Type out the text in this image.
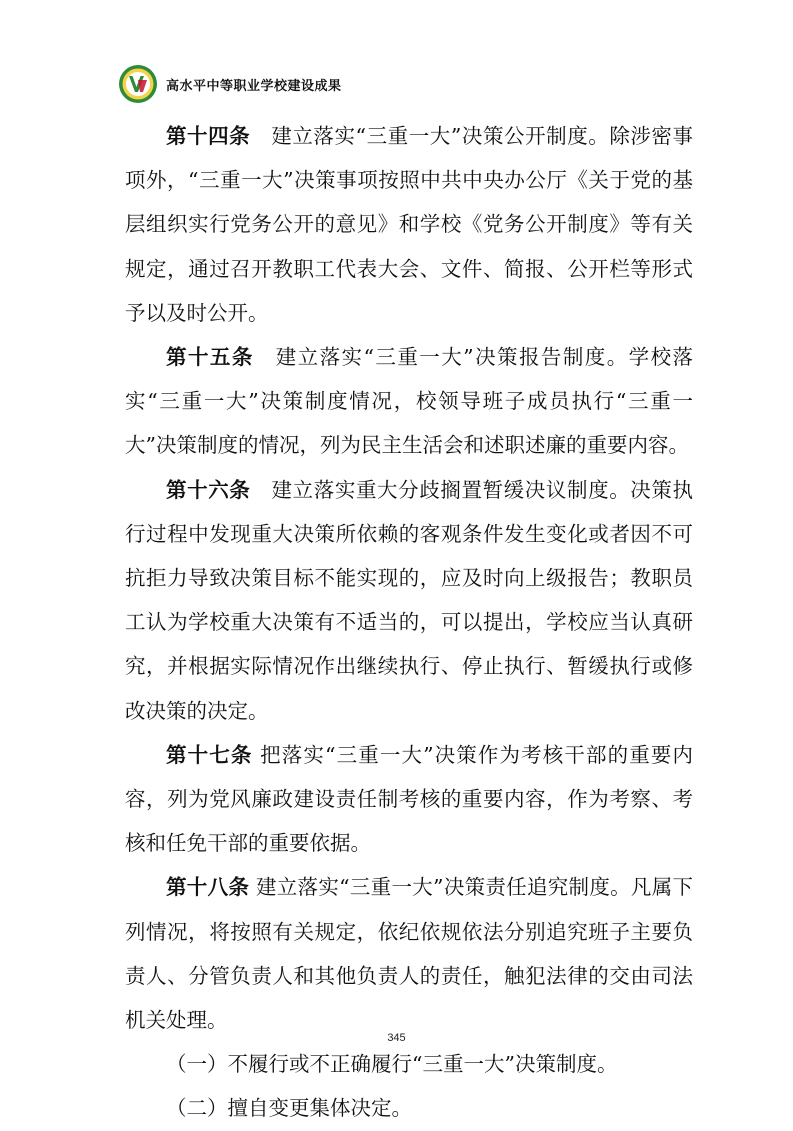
高水平中等职业学校建设成果

第十四条　 建立落实“三重一大”决策公开制度。除涉密事项外，“三重一大”决策事项按照中共中央办公厅《关于党的基层组织实行党务公开的意见》和学校《党务公开制度》等有关规定，通过召开教职工代表大会、文件、简报、公开栏等形式予以及时公开。

第十五条　 建立落实“三重一大”决策报告制度。学校落实“三重一大”决策制度情况，校领导班子成员执行“三重一大”决策制度的情况，列为民主生活会和述职述廉的重要内容。

第十六条　 建立落实重大分歧搁置暂缓决议制度。决策执行过程中发现重大决策所依赖的客观条件发生变化或者因不可抗拒力导致决策目标不能实现的，应及时向上级报告；教职员工认为学校重大决策有不适当的，可以提出，学校应当认真研究，并根据实际情况作出继续执行、停止执行、暂缓执行或修改决策的决定。

第十七条 把落实“三重一大”决策作为考核干部的重要内容，列为党风廉政建设责任制考核的重要内容，作为考察、考核和任免干部的重要依据。

第十八条 建立落实“三重一大”决策责任追究制度。凡属下列情况，将按照有关规定，依纪依规依法分别追究班子主要负责人、分管负责人和其他负责人的责任，触犯法律的交由司法机关处理。

（一）不履行或不正确履行“三重一大”决策制度。

（二）擅自变更集体决定。

345
